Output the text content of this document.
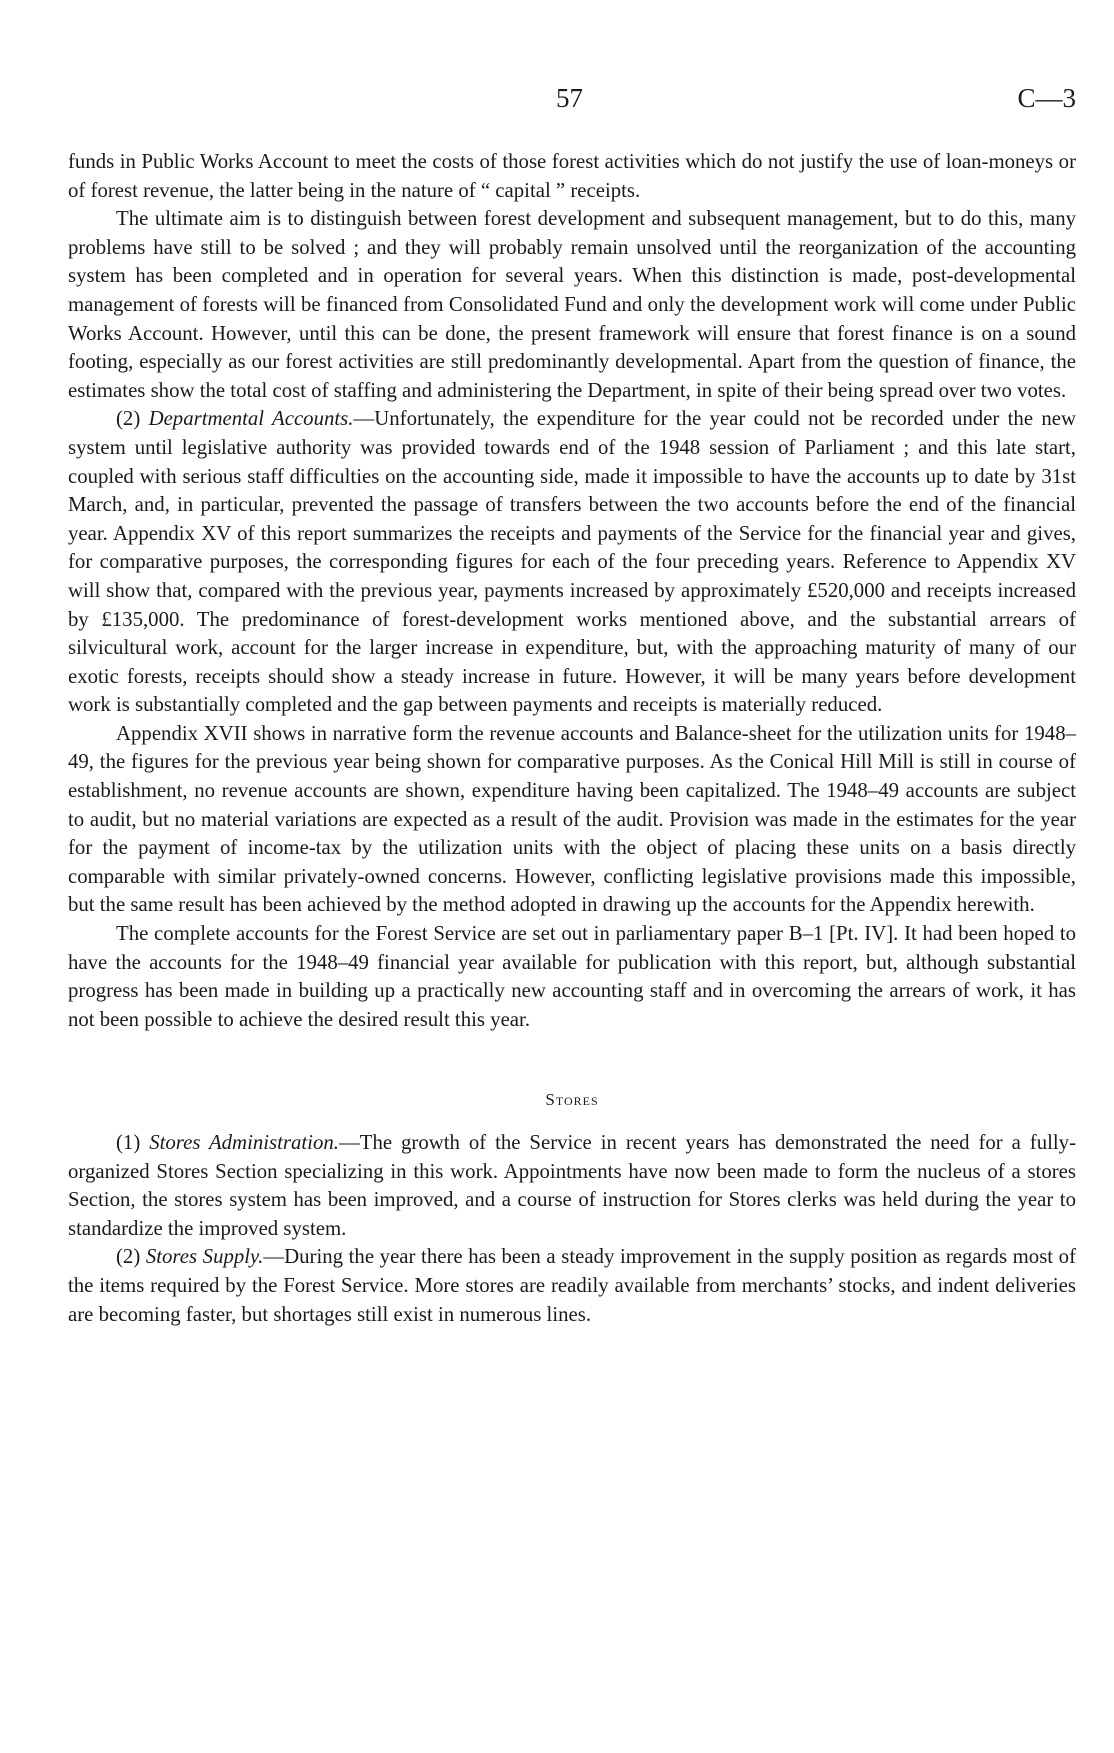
57	C—3

funds in Public Works Account to meet the costs of those forest activities which do not justify the use of loan-moneys or of forest revenue, the latter being in the nature of “ capital ” receipts.

The ultimate aim is to distinguish between forest development and subsequent management, but to do this, many problems have still to be solved ; and they will probably remain unsolved until the reorganization of the accounting system has been completed and in operation for several years. When this distinction is made, post-developmental management of forests will be financed from Consolidated Fund and only the development work will come under Public Works Account. However, until this can be done, the present framework will ensure that forest finance is on a sound footing, especially as our forest activities are still predominantly developmental. Apart from the question of finance, the estimates show the total cost of staffing and administering the Department, in spite of their being spread over two votes.

(2) Departmental Accounts.—Unfortunately, the expenditure for the year could not be recorded under the new system until legislative authority was provided towards end of the 1948 session of Parliament ; and this late start, coupled with serious staff difficulties on the accounting side, made it impossible to have the accounts up to date by 31st March, and, in particular, prevented the passage of transfers between the two accounts before the end of the financial year. Appendix XV of this report summarizes the receipts and payments of the Service for the financial year and gives, for comparative purposes, the corresponding figures for each of the four preceding years. Reference to Appendix XV will show that, compared with the previous year, payments increased by approximately £520,000 and receipts increased by £135,000. The predominance of forest-development works mentioned above, and the substantial arrears of silvicultural work, account for the larger increase in expenditure, but, with the approaching maturity of many of our exotic forests, receipts should show a steady increase in future. However, it will be many years before development work is substantially completed and the gap between payments and receipts is materially reduced.

Appendix XVII shows in narrative form the revenue accounts and Balance-sheet for the utilization units for 1948–49, the figures for the previous year being shown for comparative purposes. As the Conical Hill Mill is still in course of establishment, no revenue accounts are shown, expenditure having been capitalized. The 1948–49 accounts are subject to audit, but no material variations are expected as a result of the audit. Provision was made in the estimates for the year for the payment of income-tax by the utilization units with the object of placing these units on a basis directly comparable with similar privately-owned concerns. However, conflicting legislative provisions made this impossible, but the same result has been achieved by the method adopted in drawing up the accounts for the Appendix herewith.

The complete accounts for the Forest Service are set out in parliamentary paper B–1 [Pt. IV]. It had been hoped to have the accounts for the 1948–49 financial year available for publication with this report, but, although substantial progress has been made in building up a practically new accounting staff and in overcoming the arrears of work, it has not been possible to achieve the desired result this year.

Stores

(1) Stores Administration.—The growth of the Service in recent years has demonstrated the need for a fully-organized Stores Section specializing in this work. Appointments have now been made to form the nucleus of a stores Section, the stores system has been improved, and a course of instruction for Stores clerks was held during the year to standardize the improved system.

(2) Stores Supply.—During the year there has been a steady improvement in the supply position as regards most of the items required by the Forest Service. More stores are readily available from merchants’ stocks, and indent deliveries are becoming faster, but shortages still exist in numerous lines.
